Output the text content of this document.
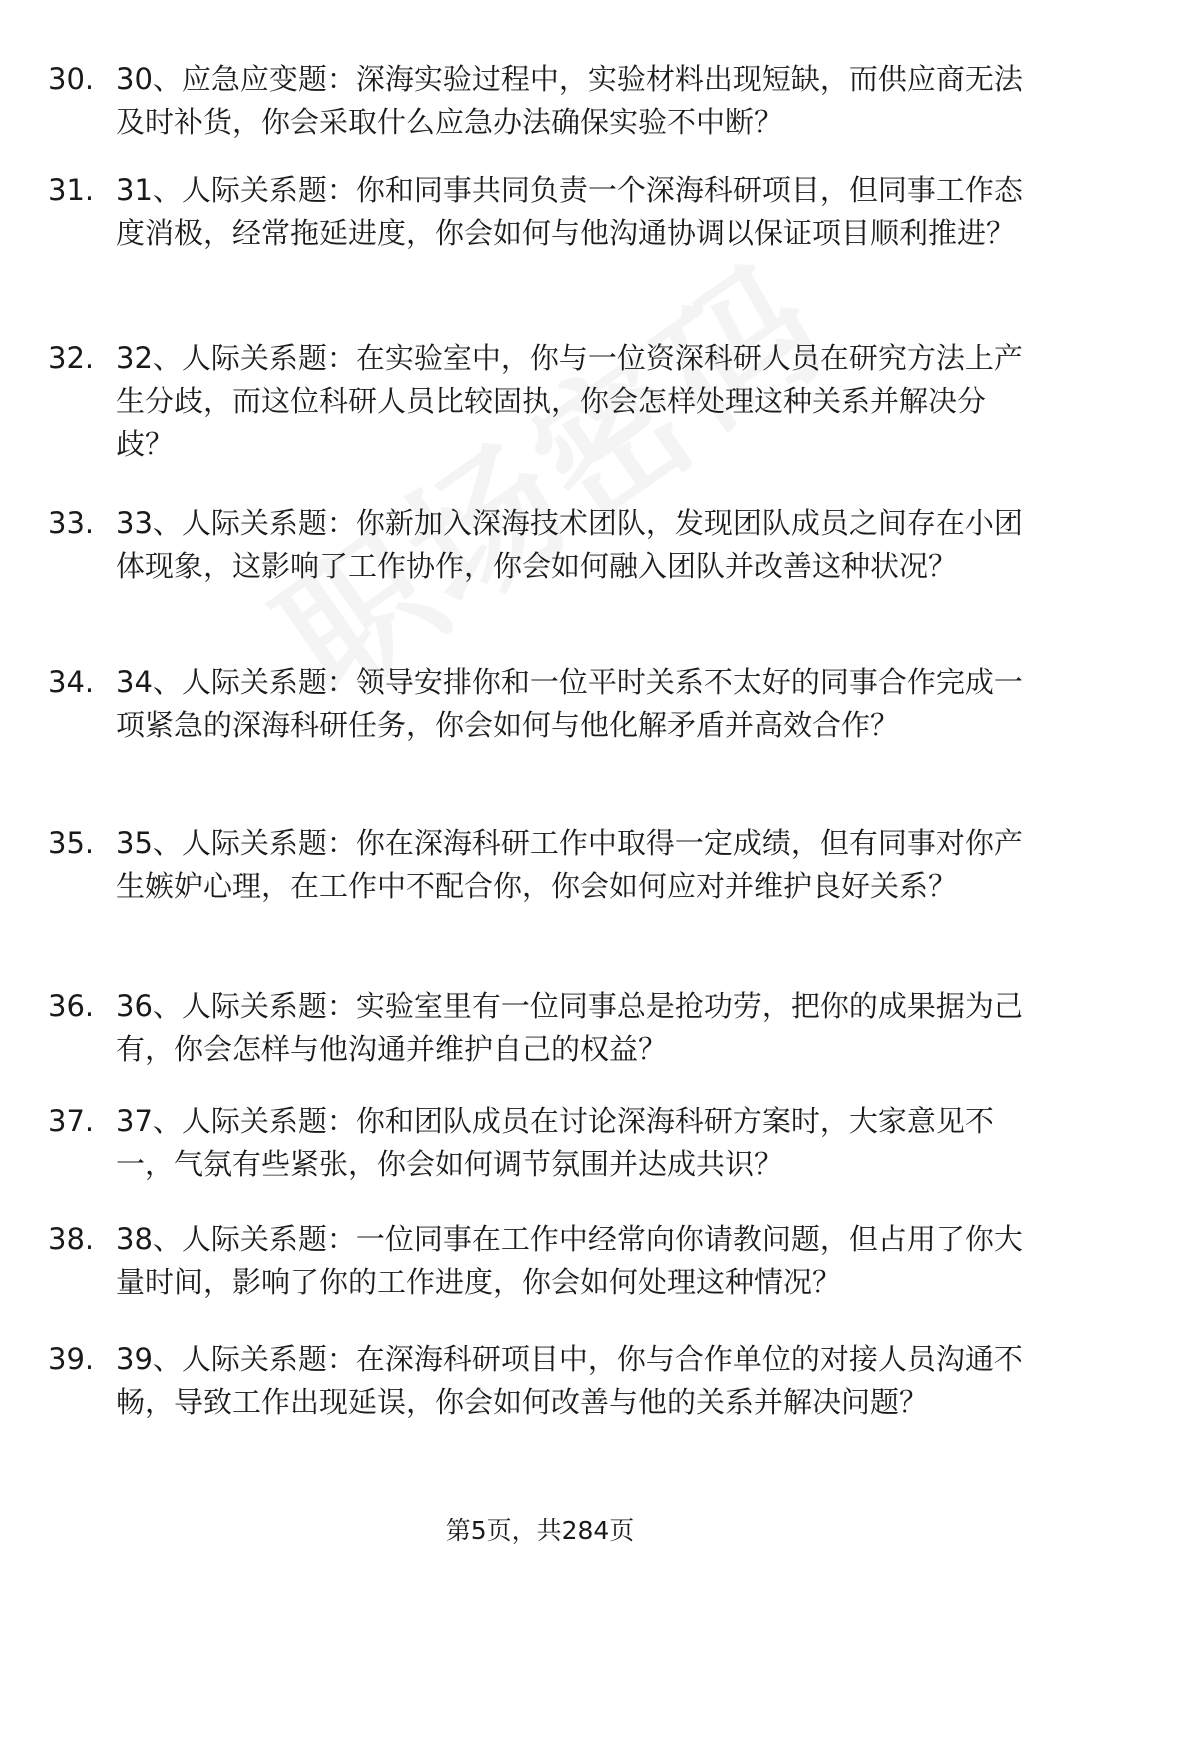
30. 30、应急应变题：深海实验过程中，实验材料出现短缺，而供应商无法及时补货，你会采取什么应急办法确保实验不中断？
31. 31、人际关系题：你和同事共同负责一个深海科研项目，但同事工作态度消极，经常拖延进度，你会如何与他沟通协调以保证项目顺利推进？
32. 32、人际关系题：在实验室中，你与一位资深科研人员在研究方法上产生分歧，而这位科研人员比较固执，你会怎样处理这种关系并解决分歧？
33. 33、人际关系题：你新加入深海技术团队，发现团队成员之间存在小团体现象，这影响了工作协作，你会如何融入团队并改善这种状况？
34. 34、人际关系题：领导安排你和一位平时关系不太好的同事合作完成一项紧急的深海科研任务，你会如何与他化解矛盾并高效合作？
35. 35、人际关系题：你在深海科研工作中取得一定成绩，但有同事对你产生嫉妒心理，在工作中不配合你，你会如何应对并维护良好关系？
36. 36、人际关系题：实验室里有一位同事总是抢功劳，把你的成果据为己有，你会怎样与他沟通并维护自己的权益？
37. 37、人际关系题：你和团队成员在讨论深海科研方案时，大家意见不一，气氛有些紧张，你会如何调节氛围并达成共识？
38. 38、人际关系题：一位同事在工作中经常向你请教问题，但占用了你大量时间，影响了你的工作进度，你会如何处理这种情况？
39. 39、人际关系题：在深海科研项目中，你与合作单位的对接人员沟通不畅，导致工作出现延误，你会如何改善与他的关系并解决问题？
第5页，共284页
